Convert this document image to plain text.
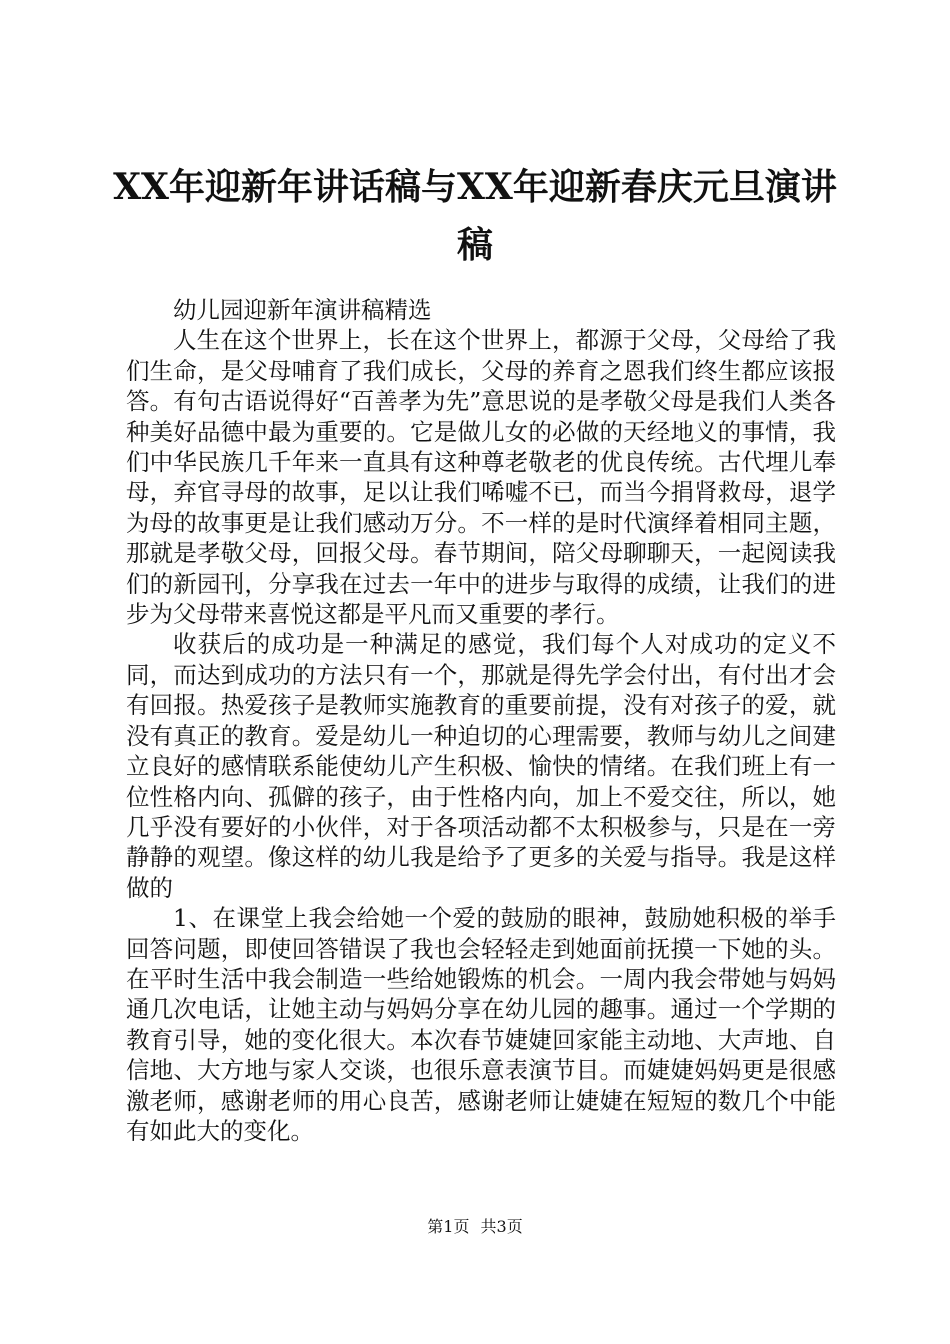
XX年迎新年讲话稿与XX年迎新春庆元旦演讲稿

幼儿园迎新年演讲稿精选

人生在这个世界上，长在这个世界上，都源于父母，父母给了我们生命，是父母哺育了我们成长，父母的养育之恩我们终生都应该报答。有句古语说得好“百善孝为先”意思说的是孝敬父母是我们人类各种美好品德中最为重要的。它是做儿女的必做的天经地义的事情，我们中华民族几千年来一直具有这种尊老敬老的优良传统。古代埋儿奉母，弃官寻母的故事，足以让我们唏嘘不已，而当今捐肾救母，退学为母的故事更是让我们感动万分。不一样的是时代演绎着相同主题，那就是孝敬父母，回报父母。春节期间，陪父母聊聊天，一起阅读我们的新园刊，分享我在过去一年中的进步与取得的成绩，让我们的进步为父母带来喜悦这都是平凡而又重要的孝行。

收获后的成功是一种满足的感觉，我们每个人对成功的定义不同，而达到成功的方法只有一个，那就是得先学会付出，有付出才会有回报。热爱孩子是教师实施教育的重要前提，没有对孩子的爱，就没有真正的教育。爱是幼儿一种迫切的心理需要，教师与幼儿之间建立良好的感情联系能使幼儿产生积极、愉快的情绪。在我们班上有一位性格内向、孤僻的孩子，由于性格内向，加上不爱交往，所以，她几乎没有要好的小伙伴，对于各项活动都不太积极参与，只是在一旁静静的观望。像这样的幼儿我是给予了更多的关爱与指导。我是这样做的

1、在课堂上我会给她一个爱的鼓励的眼神，鼓励她积极的举手回答问题，即使回答错误了我也会轻轻走到她面前抚摸一下她的头。在平时生活中我会制造一些给她锻炼的机会。一周内我会带她与妈妈通几次电话，让她主动与妈妈分享在幼儿园的趣事。通过一个学期的教育引导，她的变化很大。本次春节婕婕回家能主动地、大声地、自信地、大方地与家人交谈，也很乐意表演节目。而婕婕妈妈更是很感激老师，感谢老师的用心良苦，感谢老师让婕婕在短短的数几个中能有如此大的变化。

第1页 共3页
